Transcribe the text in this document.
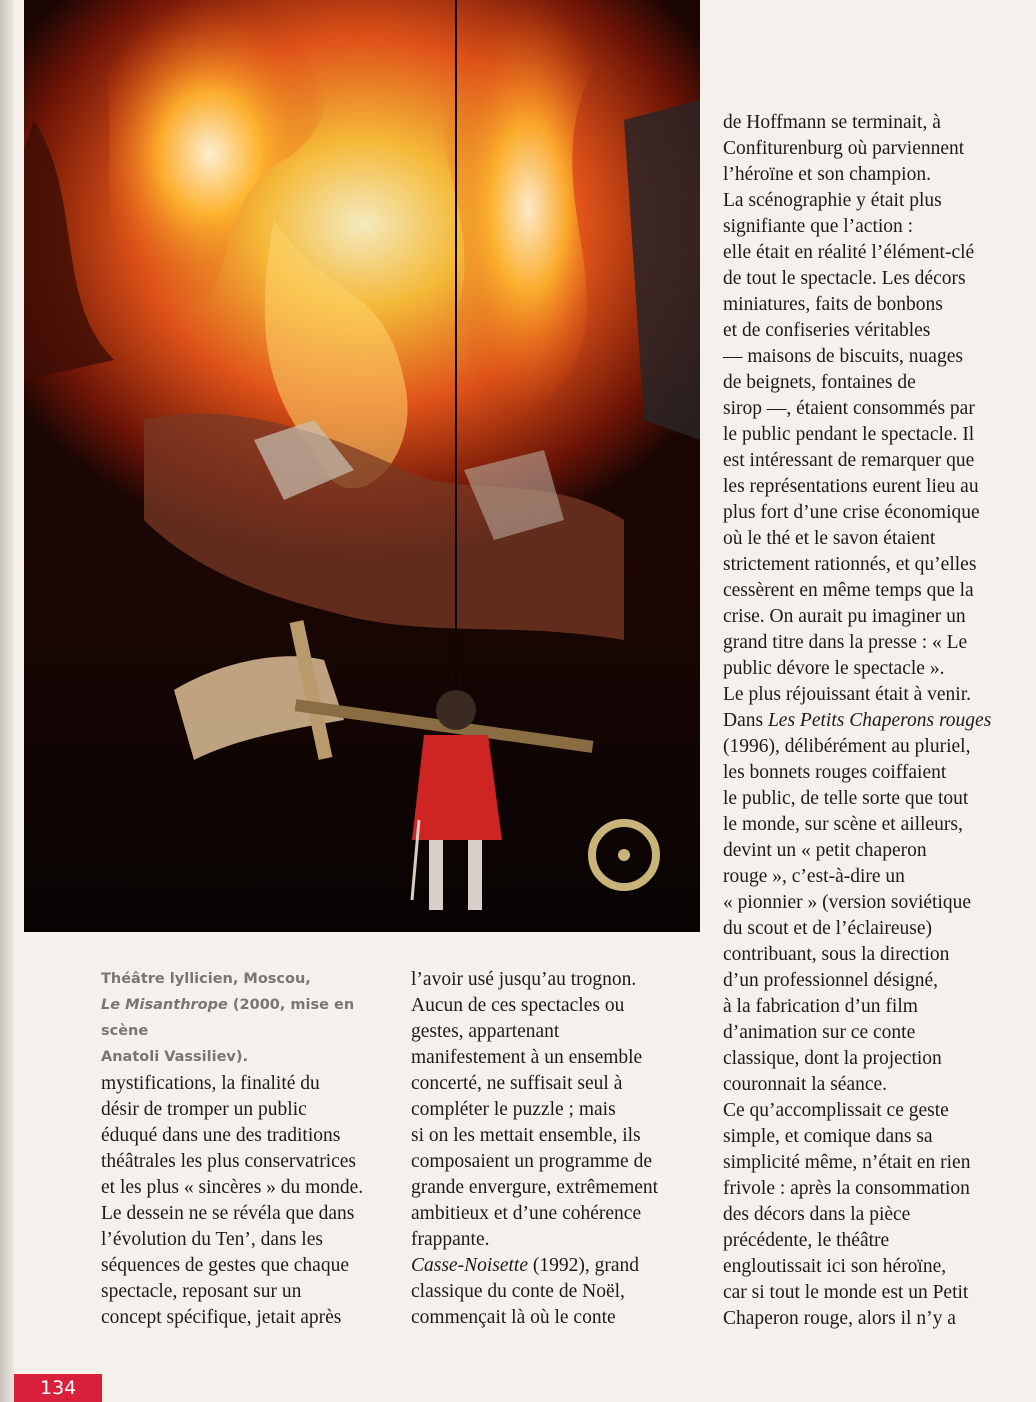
Théâtre lyllicien, Moscou,
Le Misanthrope (2000, mise en scène
Anatoli Vassiliev).
mystifications, la finalité du
désir de tromper un public
éduqué dans une des traditions
théâtrales les plus conservatrices
et les plus « sincères » du monde.
Le dessein ne se révéla que dans
l’évolution du Ten’, dans les
séquences de gestes que chaque
spectacle, reposant sur un
concept spécifique, jetait après
l’avoir usé jusqu’au trognon.
Aucun de ces spectacles ou
gestes, appartenant
manifestement à un ensemble
concerté, ne suffisait seul à
compléter le puzzle ; mais
si on les mettait ensemble, ils
composaient un programme de
grande envergure, extrêmement
ambitieux et d’une cohérence
frappante.
Casse-Noisette (1992), grand
classique du conte de Noël,
commençait là où le conte
de Hoffmann se terminait, à
Confiturenburg où parviennent
l’héroïne et son champion.
La scénographie y était plus
signifiante que l’action :
elle était en réalité l’élément-clé
de tout le spectacle. Les décors
miniatures, faits de bonbons
et de confiseries véritables
— maisons de biscuits, nuages
de beignets, fontaines de
sirop —, étaient consommés par
le public pendant le spectacle. Il
est intéressant de remarquer que
les représentations eurent lieu au
plus fort d’une crise économique
où le thé et le savon étaient
strictement rationnés, et qu’elles
cessèrent en même temps que la
crise. On aurait pu imaginer un
grand titre dans la presse : « Le
public dévore le spectacle ».
Le plus réjouissant était à venir.
Dans Les Petits Chaperons rouges
(1996), délibérément au pluriel,
les bonnets rouges coiffaient
le public, de telle sorte que tout
le monde, sur scène et ailleurs,
devint un « petit chaperon
rouge », c’est-à-dire un
« pionnier » (version soviétique
du scout et de l’éclaireuse)
contribuant, sous la direction
d’un professionnel désigné,
à la fabrication d’un film
d’animation sur ce conte
classique, dont la projection
couronnait la séance.
Ce qu’accomplissait ce geste
simple, et comique dans sa
simplicité même, n’était en rien
frivole : après la consommation
des décors dans la pièce
précédente, le théâtre
engloutissait ici son héroïne,
car si tout le monde est un Petit
Chaperon rouge, alors il n’y a
134
